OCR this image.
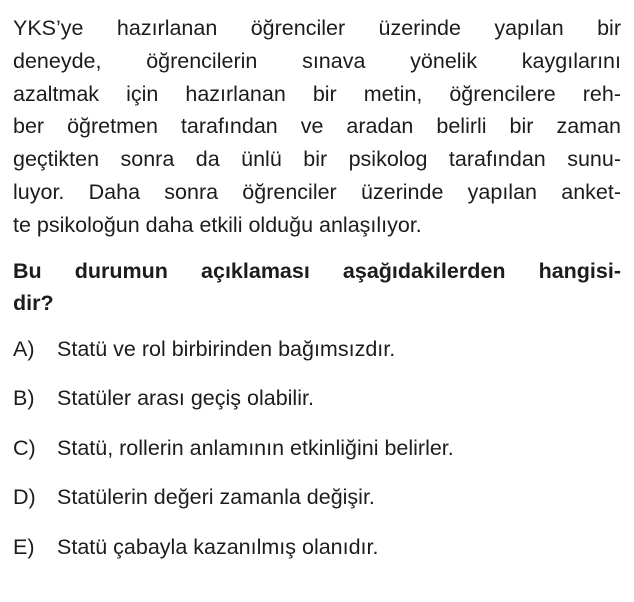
YKS’ye hazırlanan öğrenciler üzerinde yapılan bir
deneyde, öğrencilerin sınava yönelik kaygılarını
azaltmak için hazırlanan bir metin, öğrencilere reh-
ber öğretmen tarafından ve aradan belirli bir zaman
geçtikten sonra da ünlü bir psikolog tarafından sunu-
luyor. Daha sonra öğrenciler üzerinde yapılan anket-
te psikoloğun daha etkili olduğu anlaşılıyor.
Bu durumun açıklaması aşağıdakilerden hangisi-
dir?
A)	Statü ve rol birbirinden bağımsızdır.
B)	Statüler arası geçiş olabilir.
C) Statü, rollerin anlamının etkinliğini belirler.
D) Statülerin değeri zamanla değişir.
E)	Statü çabayla kazanılmış olanıdır.
